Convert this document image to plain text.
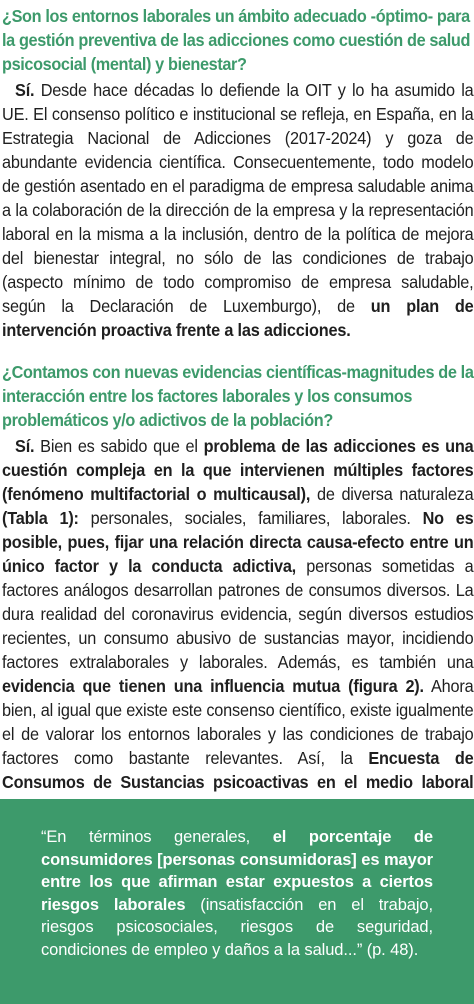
¿Son los entornos laborales un ámbito adecuado -óptimo- para la gestión preventiva de las adicciones como cuestión de salud psicosocial (mental) y bienestar?

Sí. Desde hace décadas lo defiende la OIT y lo ha asumido la UE. El consenso político e institucional se refleja, en España, en la Estrategia Nacional de Adicciones (2017-2024) y goza de abundante evidencia científica. Consecuentemente, todo modelo de gestión asentado en el paradigma de empresa saludable anima a la colaboración de la dirección de la empresa y la representación laboral en la misma a la inclusión, dentro de la política de mejora del bienestar integral, no sólo de las condiciones de trabajo (aspecto mínimo de todo compromiso de empresa saludable, según la Declaración de Luxemburgo), de un plan de intervención proactiva frente a las adicciones.

¿Contamos con nuevas evidencias científicas-magnitudes de la interacción entre los factores laborales y los consumos problemáticos y/o adictivos de la población?

Sí. Bien es sabido que el problema de las adicciones es una cuestión compleja en la que intervienen múltiples factores (fenómeno multifactorial o multicausal), de diversa naturaleza (Tabla 1): personales, sociales, familiares, laborales. No es posible, pues, fijar una relación directa causa-efecto entre un único factor y la conducta adictiva, personas sometidas a factores análogos desarrollan patrones de consumos diversos. La dura realidad del coronavirus evidencia, según diversos estudios recientes, un consumo abusivo de sustancias mayor, incidiendo factores extralaborales y laborales. Además, es también una evidencia que tienen una influencia mutua (figura 2). Ahora bien, al igual que existe este consenso científico, existe igualmente el de valorar los entornos laborales y las condiciones de trabajo factores como bastante relevantes. Así, la Encuesta de Consumos de Sustancias psicoactivas en el medio laboral

“En términos generales, el porcentaje de consumidores [personas consumidoras] es mayor entre los que afirman estar expuestos a ciertos riesgos laborales (insatisfacción en el trabajo, riesgos psicosociales, riesgos de seguridad, condiciones de empleo y daños a la salud...” (p. 48).
